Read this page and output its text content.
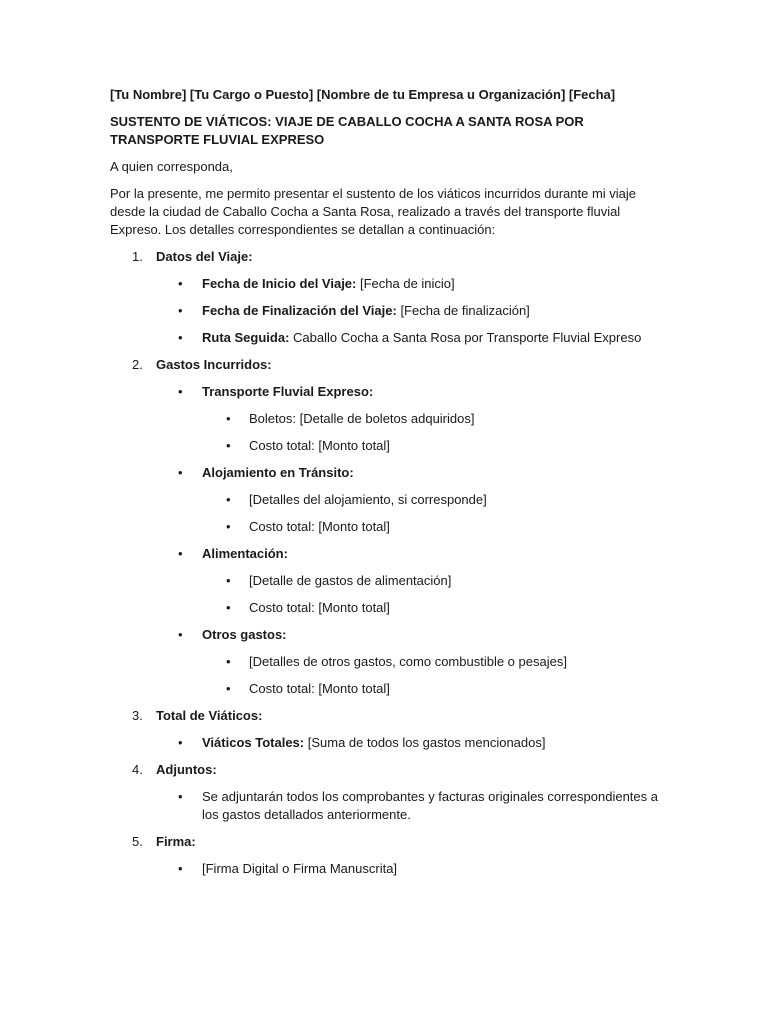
[Tu Nombre] [Tu Cargo o Puesto] [Nombre de tu Empresa u Organización] [Fecha]

SUSTENTO DE VIÁTICOS: VIAJE DE CABALLO COCHA A SANTA ROSA POR TRANSPORTE FLUVIAL EXPRESO

A quien corresponda,

Por la presente, me permito presentar el sustento de los viáticos incurridos durante mi viaje desde la ciudad de Caballo Cocha a Santa Rosa, realizado a través del transporte fluvial Expreso. Los detalles correspondientes se detallan a continuación:

1. Datos del Viaje:
• Fecha de Inicio del Viaje: [Fecha de inicio]
• Fecha de Finalización del Viaje: [Fecha de finalización]
• Ruta Seguida: Caballo Cocha a Santa Rosa por Transporte Fluvial Expreso
2. Gastos Incurridos:
• Transporte Fluvial Expreso:
• Boletos: [Detalle de boletos adquiridos]
• Costo total: [Monto total]
• Alojamiento en Tránsito:
• [Detalles del alojamiento, si corresponde]
• Costo total: [Monto total]
• Alimentación:
• [Detalle de gastos de alimentación]
• Costo total: [Monto total]
• Otros gastos:
• [Detalles de otros gastos, como combustible o pesajes]
• Costo total: [Monto total]
3. Total de Viáticos:
• Viáticos Totales: [Suma de todos los gastos mencionados]
4. Adjuntos:
• Se adjuntarán todos los comprobantes y facturas originales correspondientes a los gastos detallados anteriormente.
5. Firma:
• [Firma Digital o Firma Manuscrita]
